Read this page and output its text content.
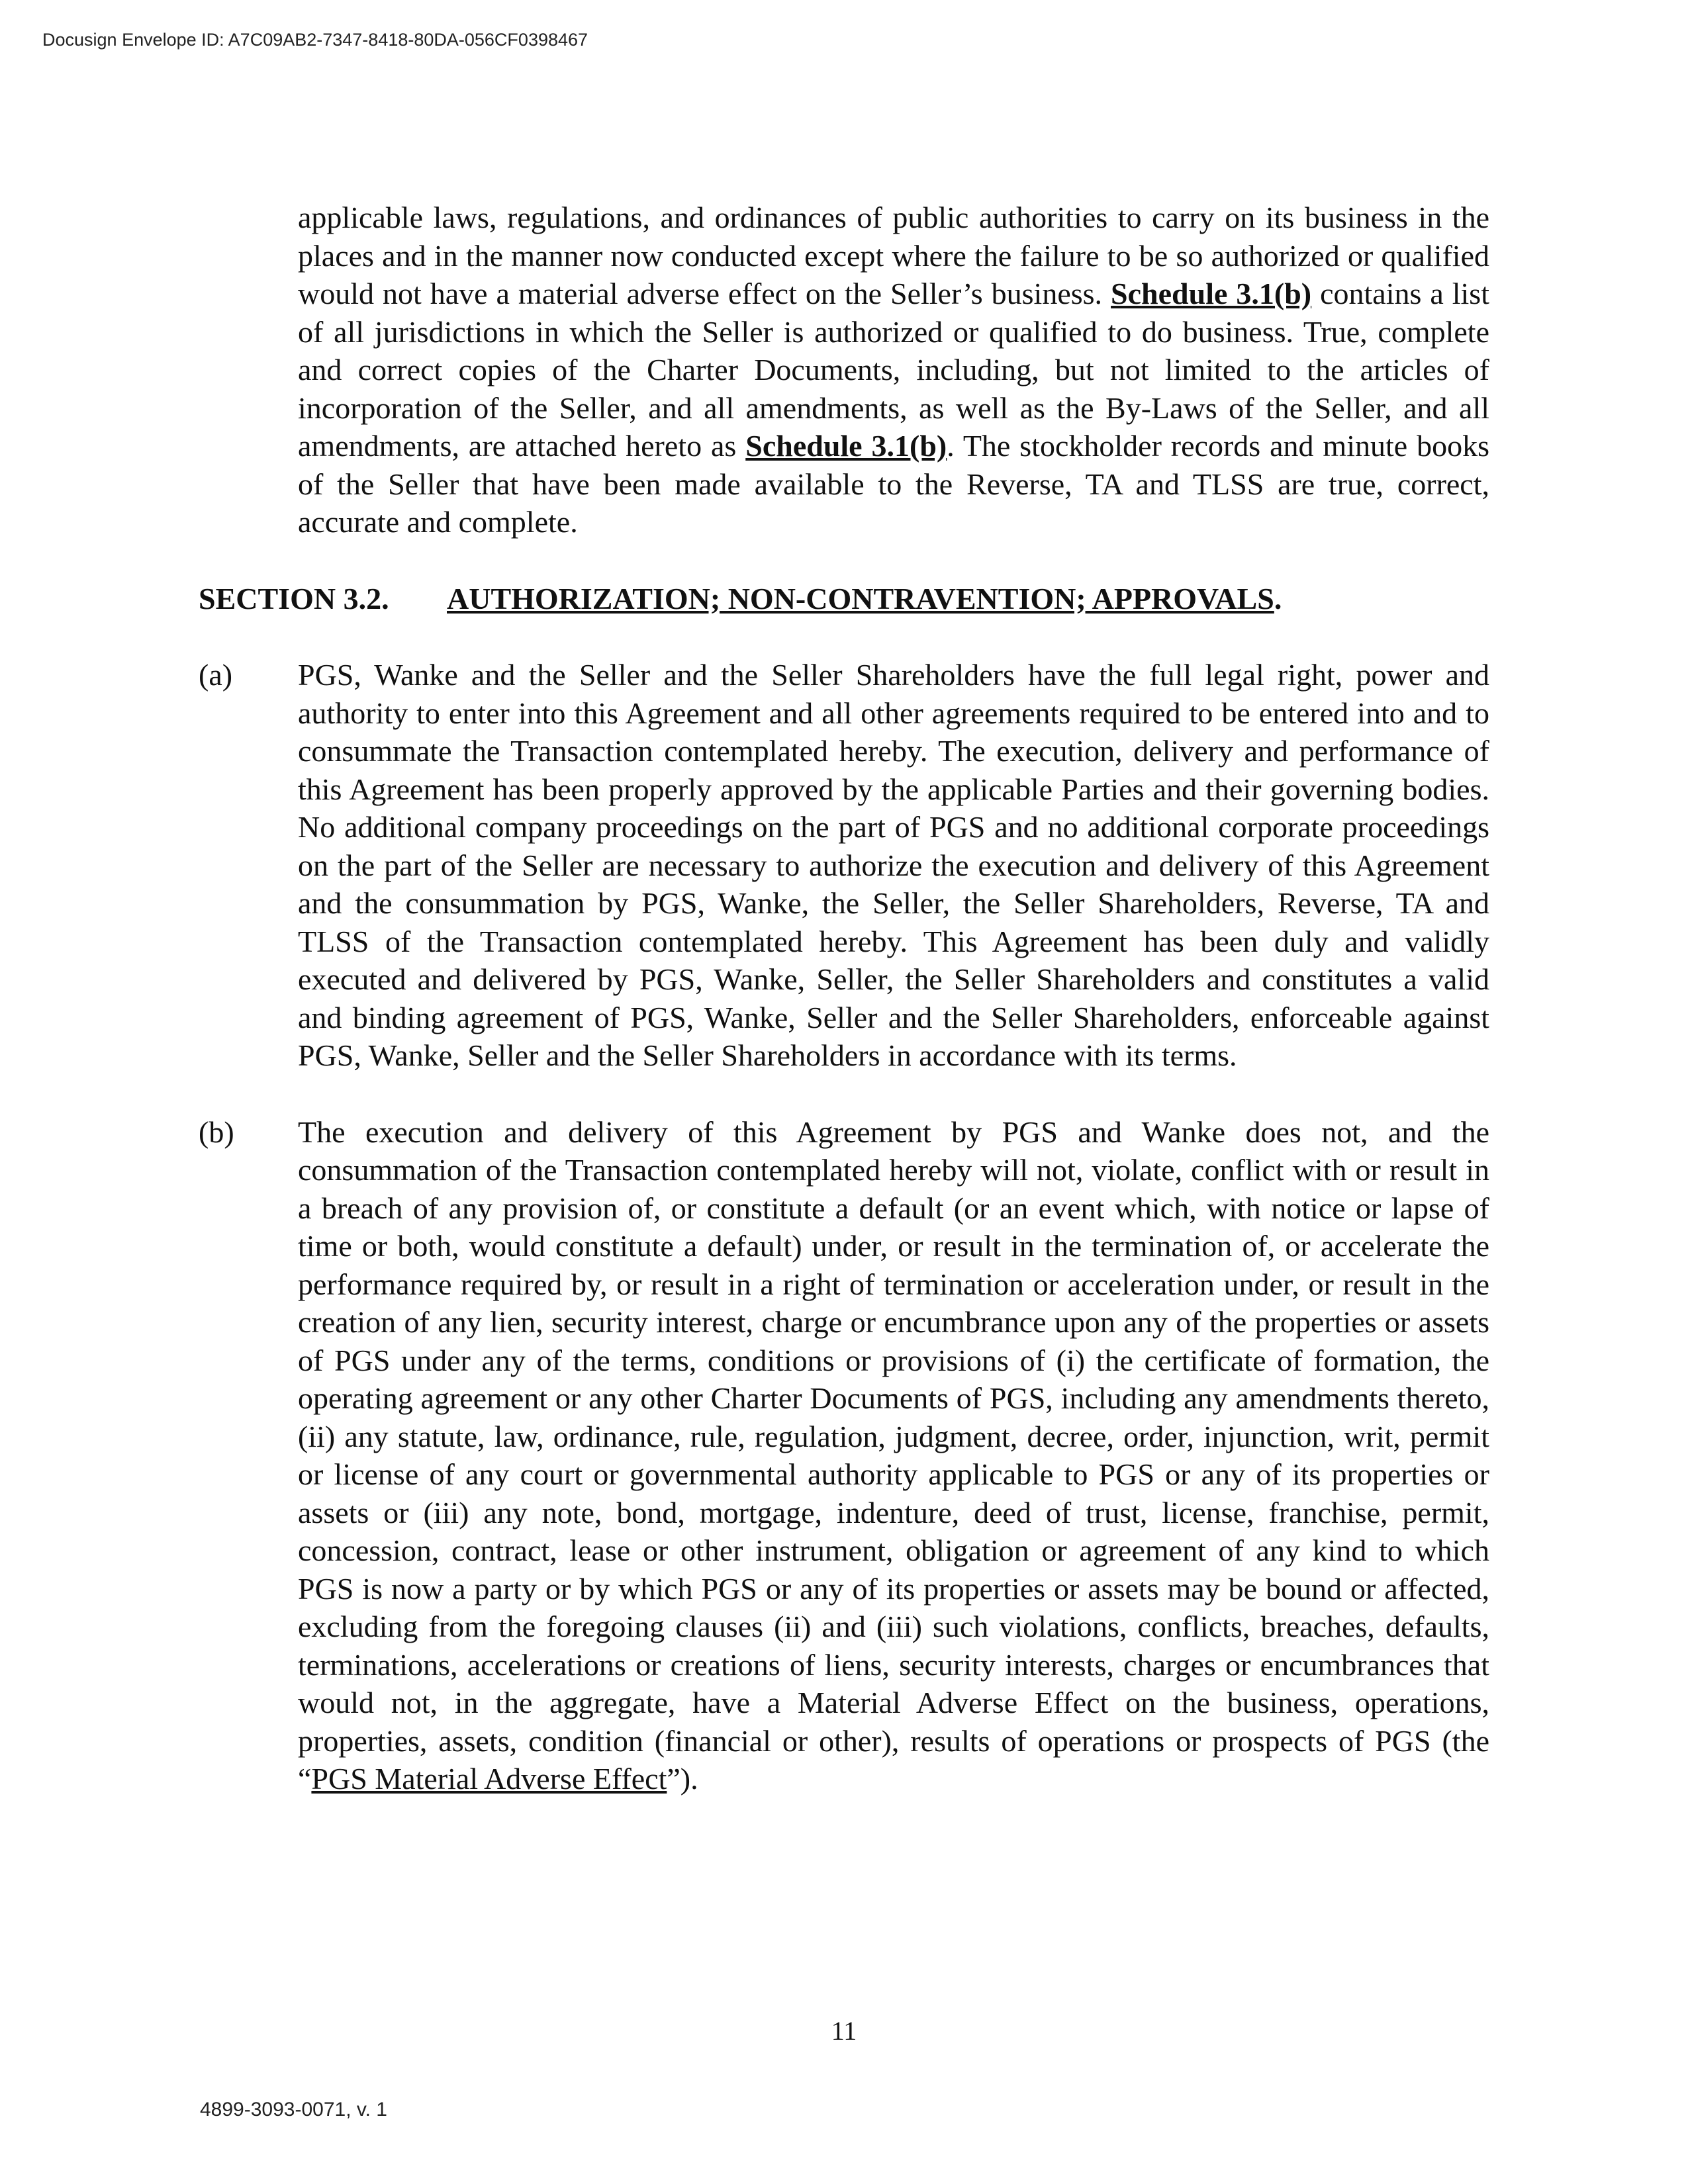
Docusign Envelope ID: A7C09AB2-7347-8418-80DA-056CF0398467

applicable laws, regulations, and ordinances of public authorities to carry on its business in the places and in the manner now conducted except where the failure to be so authorized or qualified would not have a material adverse effect on the Seller’s business. Schedule 3.1(b) contains a list of all jurisdictions in which the Seller is authorized or qualified to do business. True, complete and correct copies of the Charter Documents, including, but not limited to the articles of incorporation of the Seller, and all amendments, as well as the By-Laws of the Seller, and all amendments, are attached hereto as Schedule 3.1(b). The stockholder records and minute books of the Seller that have been made available to the Reverse, TA and TLSS are true, correct, accurate and complete.

SECTION 3.2. AUTHORIZATION; NON-CONTRAVENTION; APPROVALS.
(a) PGS, Wanke and the Seller and the Seller Shareholders have the full legal right, power and authority to enter into this Agreement and all other agreements required to be entered into and to consummate the Transaction contemplated hereby. The execution, delivery and performance of this Agreement has been properly approved by the applicable Parties and their governing bodies. No additional company proceedings on the part of PGS and no additional corporate proceedings on the part of the Seller are necessary to authorize the execution and delivery of this Agreement and the consummation by PGS, Wanke, the Seller, the Seller Shareholders, Reverse, TA and TLSS of the Transaction contemplated hereby. This Agreement has been duly and validly executed and delivered by PGS, Wanke, Seller, the Seller Shareholders and constitutes a valid and binding agreement of PGS, Wanke, Seller and the Seller Shareholders, enforceable against PGS, Wanke, Seller and the Seller Shareholders in accordance with its terms.
(b) The execution and delivery of this Agreement by PGS and Wanke does not, and the consummation of the Transaction contemplated hereby will not, violate, conflict with or result in a breach of any provision of, or constitute a default (or an event which, with notice or lapse of time or both, would constitute a default) under, or result in the termination of, or accelerate the performance required by, or result in a right of termination or acceleration under, or result in the creation of any lien, security interest, charge or encumbrance upon any of the properties or assets of PGS under any of the terms, conditions or provisions of (i) the certificate of formation, the operating agreement or any other Charter Documents of PGS, including any amendments thereto, (ii) any statute, law, ordinance, rule, regulation, judgment, decree, order, injunction, writ, permit or license of any court or governmental authority applicable to PGS or any of its properties or assets or (iii) any note, bond, mortgage, indenture, deed of trust, license, franchise, permit, concession, contract, lease or other instrument, obligation or agreement of any kind to which PGS is now a party or by which PGS or any of its properties or assets may be bound or affected, excluding from the foregoing clauses (ii) and (iii) such violations, conflicts, breaches, defaults, terminations, accelerations or creations of liens, security interests, charges or encumbrances that would not, in the aggregate, have a Material Adverse Effect on the business, operations, properties, assets, condition (financial or other), results of operations or prospects of PGS (the “PGS Material Adverse Effect”).
11
4899-3093-0071, v. 1
